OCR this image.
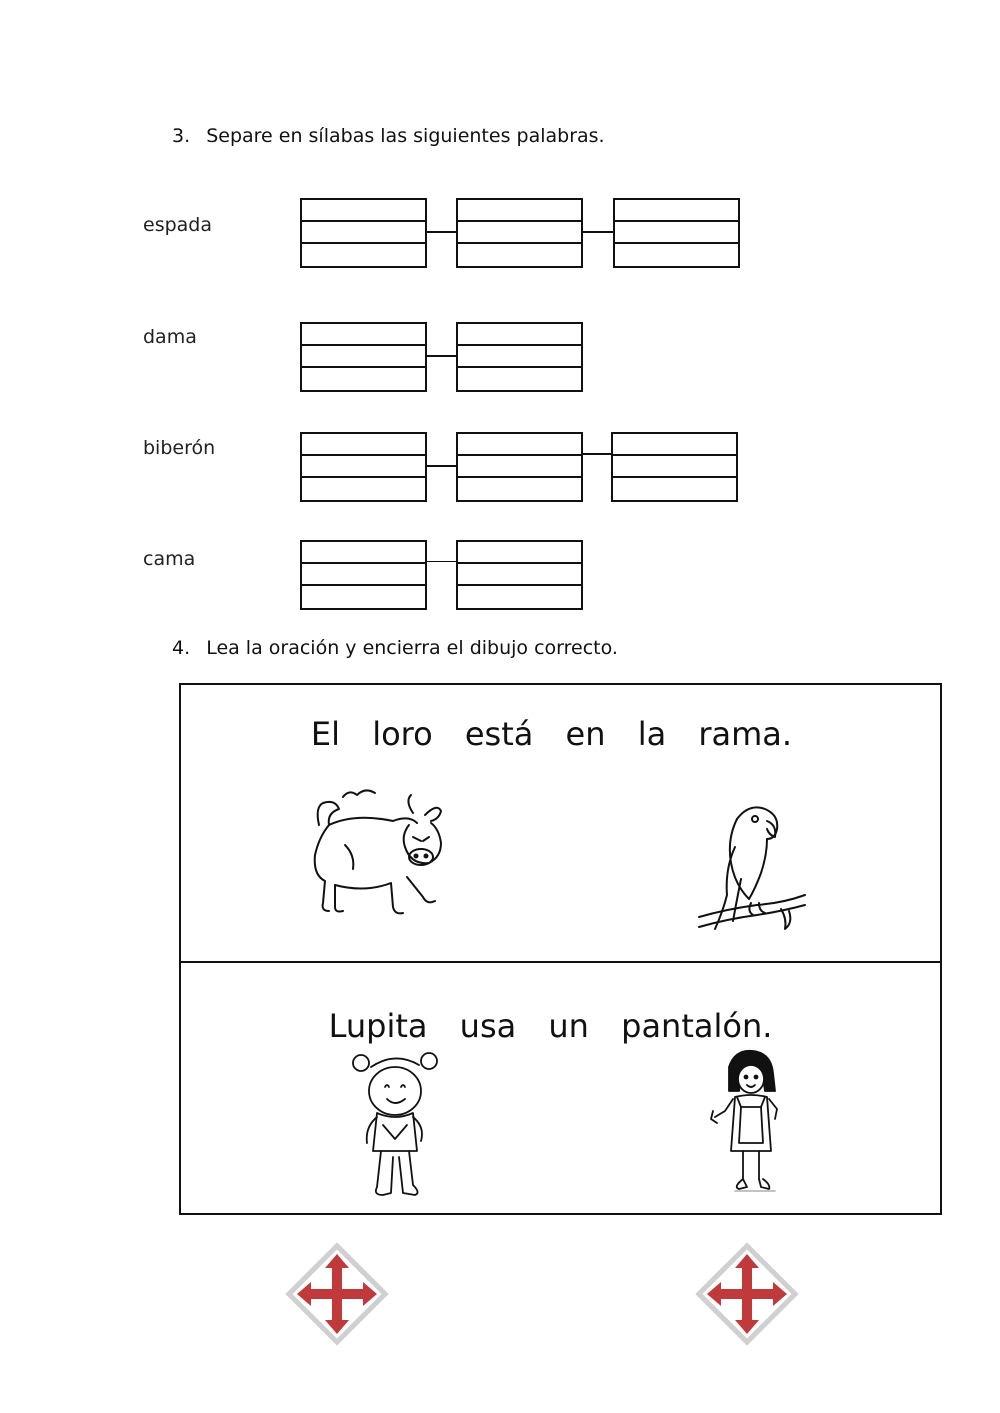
3. Separe en sílabas las siguientes palabras.
espada
dama
biberón
cama
4. Lea la oración y encierra el dibujo correcto.
El loro está en la rama.
Lupita usa un pantalón.
